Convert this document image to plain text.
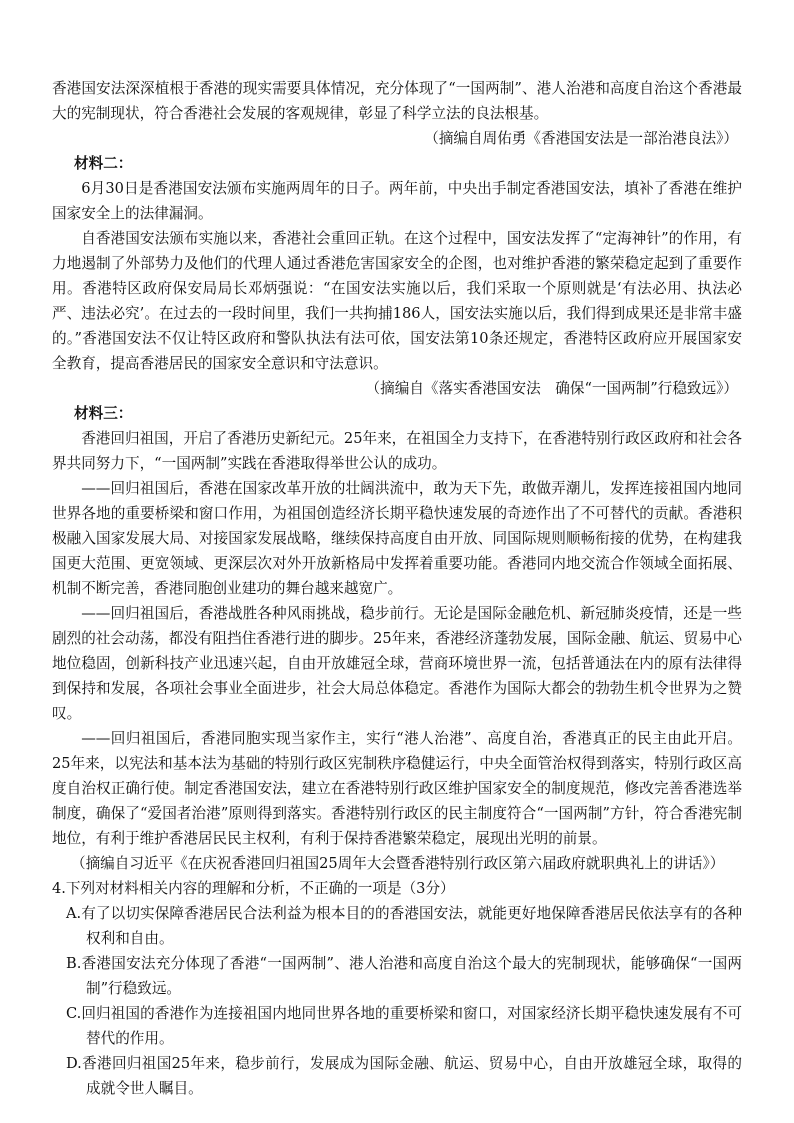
香港国安法深深植根于香港的现实需要具体情况，充分体现了“一国两制”、港人治港和高度自治这个香港最大的宪制现状，符合香港社会发展的客观规律，彰显了科学立法的良法根基。

（摘编自周佑勇《香港国安法是一部治港良法》）

材料二：

6月30日是香港国安法颁布实施两周年的日子。两年前，中央出手制定香港国安法，填补了香港在维护国家安全上的法律漏洞。

自香港国安法颁布实施以来，香港社会重回正轨。在这个过程中，国安法发挥了“定海神针”的作用，有力地遏制了外部势力及他们的代理人通过香港危害国家安全的企图，也对维护香港的繁荣稳定起到了重要作用。香港特区政府保安局局长邓炳强说：“在国安法实施以后，我们采取一个原则就是‘有法必用、执法必严、违法必究’。在过去的一段时间里，我们一共拘捕186人，国安法实施以后，我们得到成果还是非常丰盛的。”香港国安法不仅让特区政府和警队执法有法可依，国安法第10条还规定，香港特区政府应开展国家安全教育，提高香港居民的国家安全意识和守法意识。

（摘编自《落实香港国安法　确保“一国两制”行稳致远》）

材料三：

香港回归祖国，开启了香港历史新纪元。25年来，在祖国全力支持下，在香港特别行政区政府和社会各界共同努力下，“一国两制”实践在香港取得举世公认的成功。

——回归祖国后，香港在国家改革开放的壮阔洪流中，敢为天下先，敢做弄潮儿，发挥连接祖国内地同世界各地的重要桥梁和窗口作用，为祖国创造经济长期平稳快速发展的奇迹作出了不可替代的贡献。香港积极融入国家发展大局、对接国家发展战略，继续保持高度自由开放、同国际规则顺畅衔接的优势，在构建我国更大范围、更宽领域、更深层次对外开放新格局中发挥着重要功能。香港同内地交流合作领域全面拓展、机制不断完善，香港同胞创业建功的舞台越来越宽广。

——回归祖国后，香港战胜各种风雨挑战，稳步前行。无论是国际金融危机、新冠肺炎疫情，还是一些剧烈的社会动荡，都没有阻挡住香港行进的脚步。25年来，香港经济蓬勃发展，国际金融、航运、贸易中心地位稳固，创新科技产业迅速兴起，自由开放雄冠全球，营商环境世界一流，包括普通法在内的原有法律得到保持和发展，各项社会事业全面进步，社会大局总体稳定。香港作为国际大都会的勃勃生机令世界为之赞叹。

——回归祖国后，香港同胞实现当家作主，实行“港人治港”、高度自治，香港真正的民主由此开启。25年来，以宪法和基本法为基础的特别行政区宪制秩序稳健运行，中央全面管治权得到落实，特别行政区高度自治权正确行使。制定香港国安法，建立在香港特别行政区维护国家安全的制度规范，修改完善香港选举制度，确保了“爱国者治港”原则得到落实。香港特别行政区的民主制度符合“一国两制”方针，符合香港宪制地位，有利于维护香港居民民主权利，有利于保持香港繁荣稳定，展现出光明的前景。

（摘编自习近平《在庆祝香港回归祖国25周年大会暨香港特别行政区第六届政府就职典礼上的讲话》）

4.下列对材料相关内容的理解和分析，不正确的一项是（3分）

A.有了以切实保障香港居民合法利益为根本目的的香港国安法，就能更好地保障香港居民依法享有的各种权利和自由。

B.香港国安法充分体现了香港“一国两制”、港人治港和高度自治这个最大的宪制现状，能够确保“一国两制”行稳致远。

C.回归祖国的香港作为连接祖国内地同世界各地的重要桥梁和窗口，对国家经济长期平稳快速发展有不可替代的作用。

D.香港回归祖国25年来，稳步前行，发展成为国际金融、航运、贸易中心，自由开放雄冠全球，取得的成就令世人瞩目。
